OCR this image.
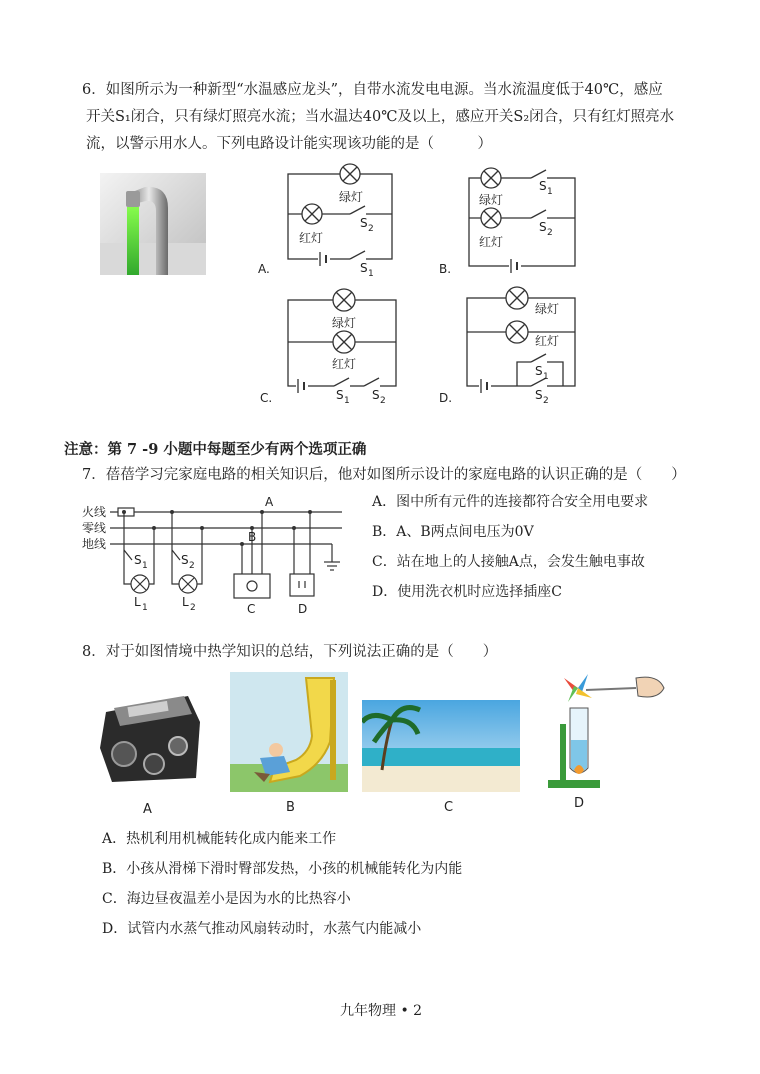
6．如图所示为一种新型“水温感应龙头”，自带水流发电电源。当水流温度低于40℃，感应
开关S₁闭合，只有绿灯照亮水流；当水温达40℃及以上，感应开关S₂闭合，只有红灯照亮水
流，以警示用水人。下列电路设计能实现该功能的是（　　　）
绿灯
红灯
S 2
S 1
A.
绿灯
红灯
S 1
S 2
B.
绿灯
红灯
S 1 S 2
C.
绿灯
红灯
S 1
S 2
D.
注意：第 7 -9 小题中每题至少有两个选项正确
7．蓓蓓学习完家庭电路的相关知识后，他对如图所示设计的家庭电路的认识正确的是（　　）
火线
零线
地线
A
B
S 1	S 2
L 1	L 2	C	D
A．图中所有元件的连接都符合安全用电要求
B．A、B两点间电压为0V
C．站在地上的人接触A点，会发生触电事故
D．使用洗衣机时应选择插座C
8．对于如图情境中热学知识的总结，下列说法正确的是（　　）
A	B	C	D
A．热机利用机械能转化成内能来工作
B．小孩从滑梯下滑时臀部发热，小孩的机械能转化为内能
C．海边昼夜温差小是因为水的比热容小
D．试管内水蒸气推动风扇转动时，水蒸气内能减小
九年物理 • 2
